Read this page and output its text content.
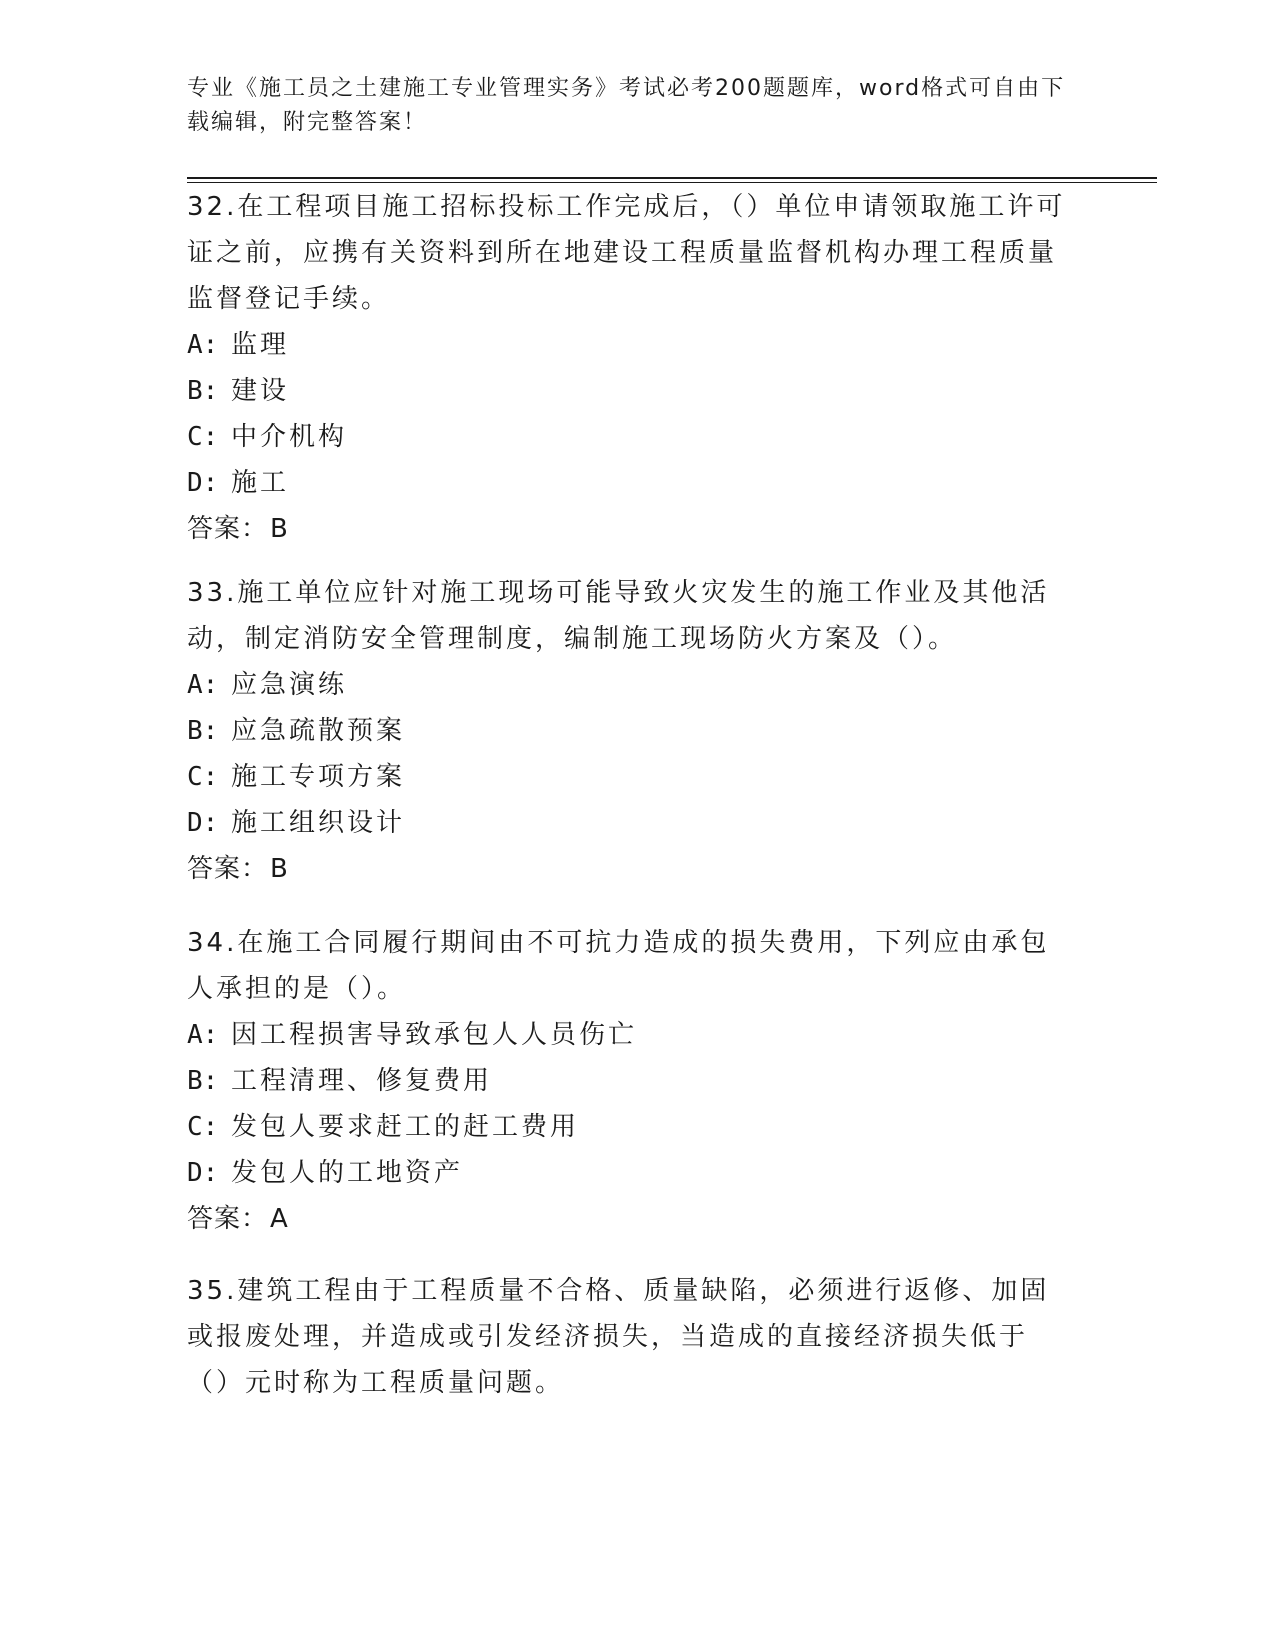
专业《施工员之土建施工专业管理实务》考试必考200题题库，word格式可自由下载编辑，附完整答案！
32.在工程项目施工招标投标工作完成后，（）单位申请领取施工许可证之前，应携有关资料到所在地建设工程质量监督机构办理工程质量监督登记手续。
A: 监理
B: 建设
C: 中介机构
D: 施工
答案：B
33.施工单位应针对施工现场可能导致火灾发生的施工作业及其他活动，制定消防安全管理制度，编制施工现场防火方案及（）。
A: 应急演练
B: 应急疏散预案
C: 施工专项方案
D: 施工组织设计
答案：B
34.在施工合同履行期间由不可抗力造成的损失费用，下列应由承包人承担的是（）。
A: 因工程损害导致承包人人员伤亡
B: 工程清理、修复费用
C: 发包人要求赶工的赶工费用
D: 发包人的工地资产
答案：A
35.建筑工程由于工程质量不合格、质量缺陷，必须进行返修、加固或报废处理，并造成或引发经济损失，当造成的直接经济损失低于（）元时称为工程质量问题。
